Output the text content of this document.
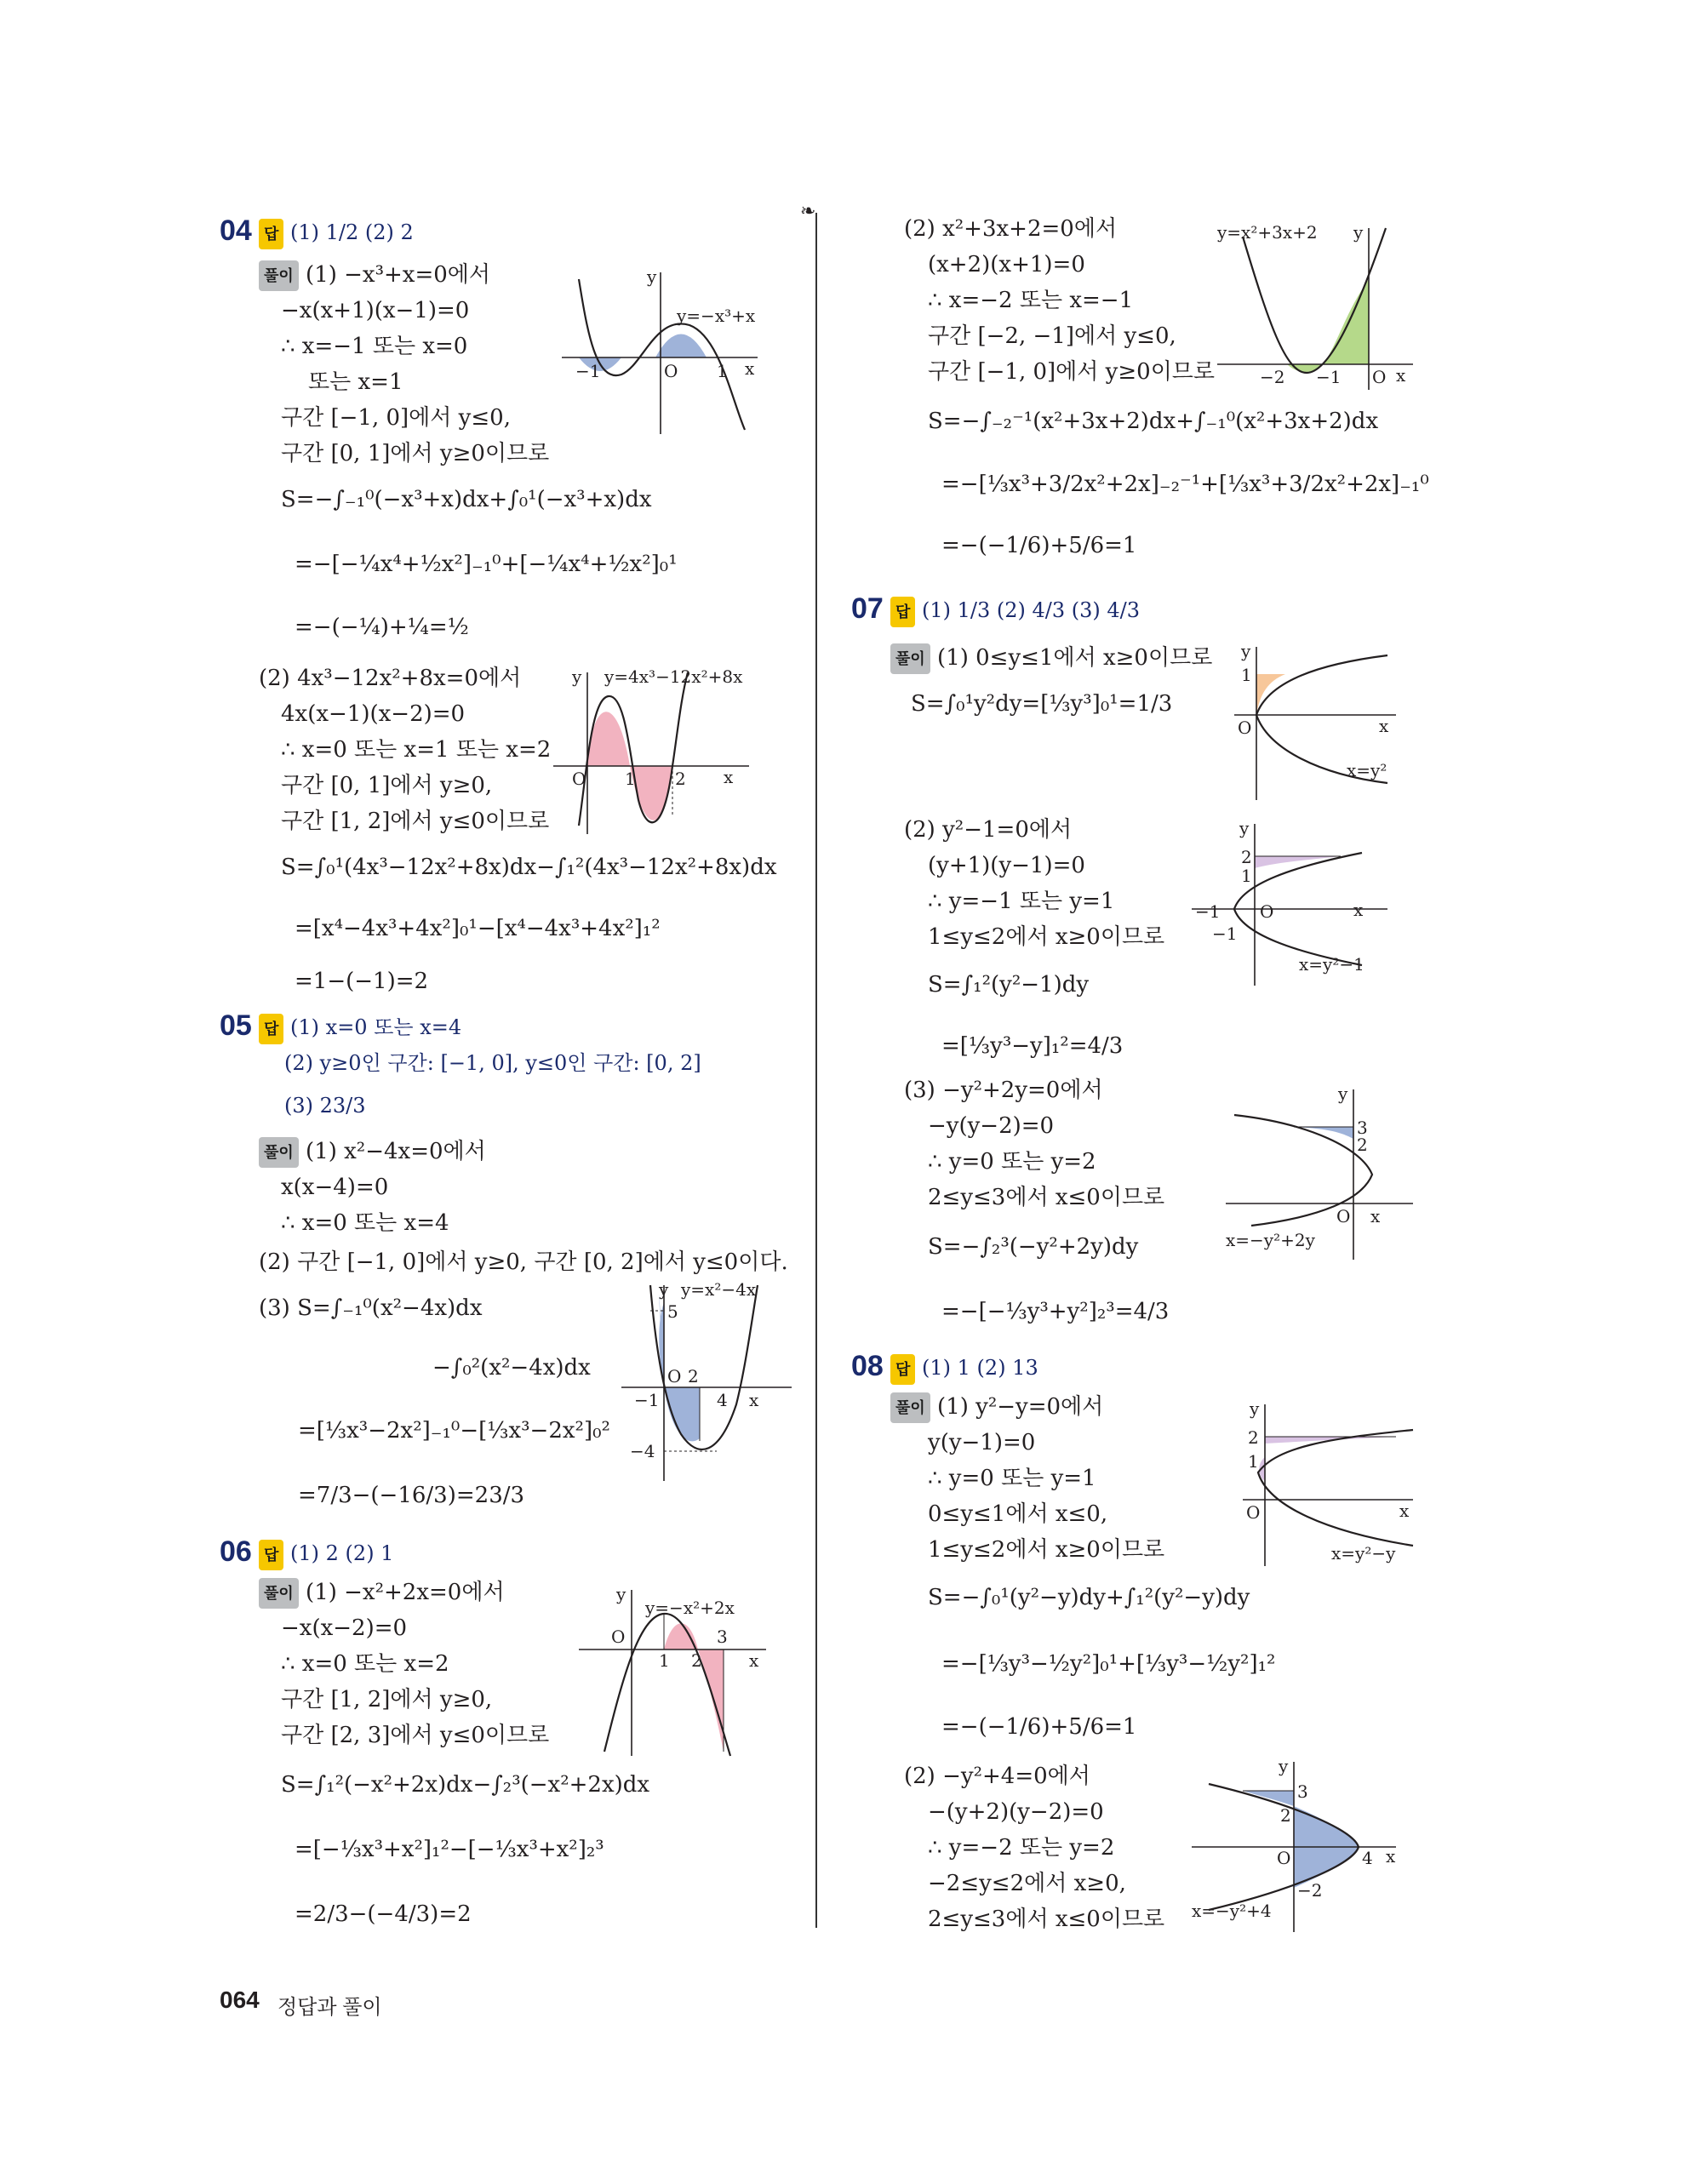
❧
04 답 (1) 1/2 (2) 2
풀이 (1) −x³+x=0에서
−x(x+1)(x−1)=0
∴ x=−1 또는 x=0
또는 x=1
구간 [−1, 0]에서 y≤0,
구간 [0, 1]에서 y≥0이므로
S=−∫₋₁⁰(−x³+x)dx+∫₀¹(−x³+x)dx
=−[−¼x⁴+½x²]₋₁⁰+[−¼x⁴+½x²]₀¹
=−(−¼)+¼=½
y
y=−x³+x
−1	O 1 x
(2) 4x³−12x²+8x=0에서
4x(x−1)(x−2)=0
∴ x=0 또는 x=1 또는 x=2
구간 [0, 1]에서 y≥0,
구간 [1, 2]에서 y≤0이므로
S=∫₀¹(4x³−12x²+8x)dx−∫₁²(4x³−12x²+8x)dx
=[x⁴−4x³+4x²]₀¹−[x⁴−4x³+4x²]₁²
=1−(−1)=2
y y=4x³−12x²+8x
O 1 2 x
05 답 (1) x=0 또는 x=4
(2) y≥0인 구간: [−1, 0], y≤0인 구간: [0, 2]
(3) 23/3
풀이 (1) x²−4x=0에서
x(x−4)=0
∴ x=0 또는 x=4
(2) 구간 [−1, 0]에서 y≥0, 구간 [0, 2]에서 y≤0이다.
(3) S=∫₋₁⁰(x²−4x)dx
−∫₀²(x²−4x)dx
=[⅓x³−2x²]₋₁⁰−[⅓x³−2x²]₀²
=7/3−(−16/3)=23/3
y y=x²−4x
5
O 2
−1	4 x
−4
06 답 (1) 2 (2) 1
풀이 (1) −x²+2x=0에서
−x(x−2)=0
∴ x=0 또는 x=2
구간 [1, 2]에서 y≥0,
구간 [2, 3]에서 y≤0이므로
S=∫₁²(−x²+2x)dx−∫₂³(−x²+2x)dx
=[−⅓x³+x²]₁²−[−⅓x³+x²]₂³
=2/3−(−4/3)=2
y
y=−x²+2x
O	3
1 2	x
(2) x²+3x+2=0에서
(x+2)(x+1)=0
∴ x=−2 또는 x=−1
구간 [−2, −1]에서 y≤0,
구간 [−1, 0]에서 y≥0이므로
S=−∫₋₂⁻¹(x²+3x+2)dx+∫₋₁⁰(x²+3x+2)dx
=−[⅓x³+3/2x²+2x]₋₂⁻¹+[⅓x³+3/2x²+2x]₋₁⁰
=−(−1/6)+5/6=1
y=x²+3x+2 y
−2 −1 O x
07 답 (1) 1/3 (2) 4/3 (3) 4/3
풀이 (1) 0≤y≤1에서 x≥0이므로
S=∫₀¹y²dy=[⅓y³]₀¹=1/3
y
1
O	x
x=y²
(2) y²−1=0에서
(y+1)(y−1)=0
∴ y=−1 또는 y=1
1≤y≤2에서 x≥0이므로
S=∫₁²(y²−1)dy
=[⅓y³−y]₁²=4/3
y
2
1
−1 O	x
−1
x=y²−1
(3) −y²+2y=0에서
−y(y−2)=0
∴ y=0 또는 y=2
2≤y≤3에서 x≤0이므로
S=−∫₂³(−y²+2y)dy
=−[−⅓y³+y²]₂³=4/3
y
3
2
O x
x=−y²+2y
08 답 (1) 1 (2) 13
풀이 (1) y²−y=0에서
y(y−1)=0
∴ y=0 또는 y=1
0≤y≤1에서 x≤0,
1≤y≤2에서 x≥0이므로
S=−∫₀¹(y²−y)dy+∫₁²(y²−y)dy
=−[⅓y³−½y²]₀¹+[⅓y³−½y²]₁²
=−(−1/6)+5/6=1
(2) −y²+4=0에서
−(y+2)(y−2)=0
∴ y=−2 또는 y=2
−2≤y≤2에서 x≥0,
2≤y≤3에서 x≤0이므로
y
2
1
O	x
x=y²−y
y
3
2
O	4 x
−2
x=−y²+4
064 정답과 풀이
